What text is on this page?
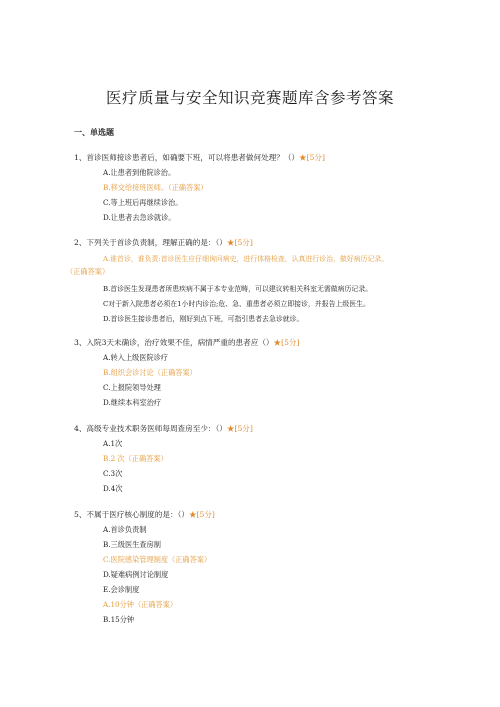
医疗质量与安全知识竞赛题库含参考答案
一、单选题
1、首诊医师接诊患者后，如确要下班，可以将患者做何处理？（）★[5分]
A.让患者到他院诊治。
B.移交给接班医师。（正确答案）
C.等上班后再继续诊治。
D.让患者去急诊就诊。
2、下列关于首诊负责制，理解正确的是：（）★[5分]
A.谁首诊，谁负责:首诊医生应仔细询问病史，进行体格检查，认真进行诊治，做好病历记录。
（正确答案）
B.首诊医生发现患者所患疾病不属于本专业范畴，可以建议转相关科室无需做病历记录。
C对于新入院患者必须在1小时内诊治;危、急、重患者必须立即接诊，并报告上级医生。
D.首诊医生接诊患者后，刚好到点下班，可指引患者去急诊就诊。
3、入院3天未确诊，治疗效果不佳，病情严重的患者应（）★[5分]
A.转入上级医院诊疗
B.组织会诊讨论（正确答案）
C.上报院领导处理
D.继续本科室治疗
4、高级专业技术职务医师每周查房至少：（）★[5分]
A.1次
B.2 次（正确答案）
C.3次
D.4次
5、不属于医疗核心制度的是：（）★[5分]
A.首诊负责制
B.三级医生查房制
C.医院感染管理制度（正确答案）
D.疑难病例讨论制度
E.会诊制度
A.10分钟（正确答案）
B.15分钟
